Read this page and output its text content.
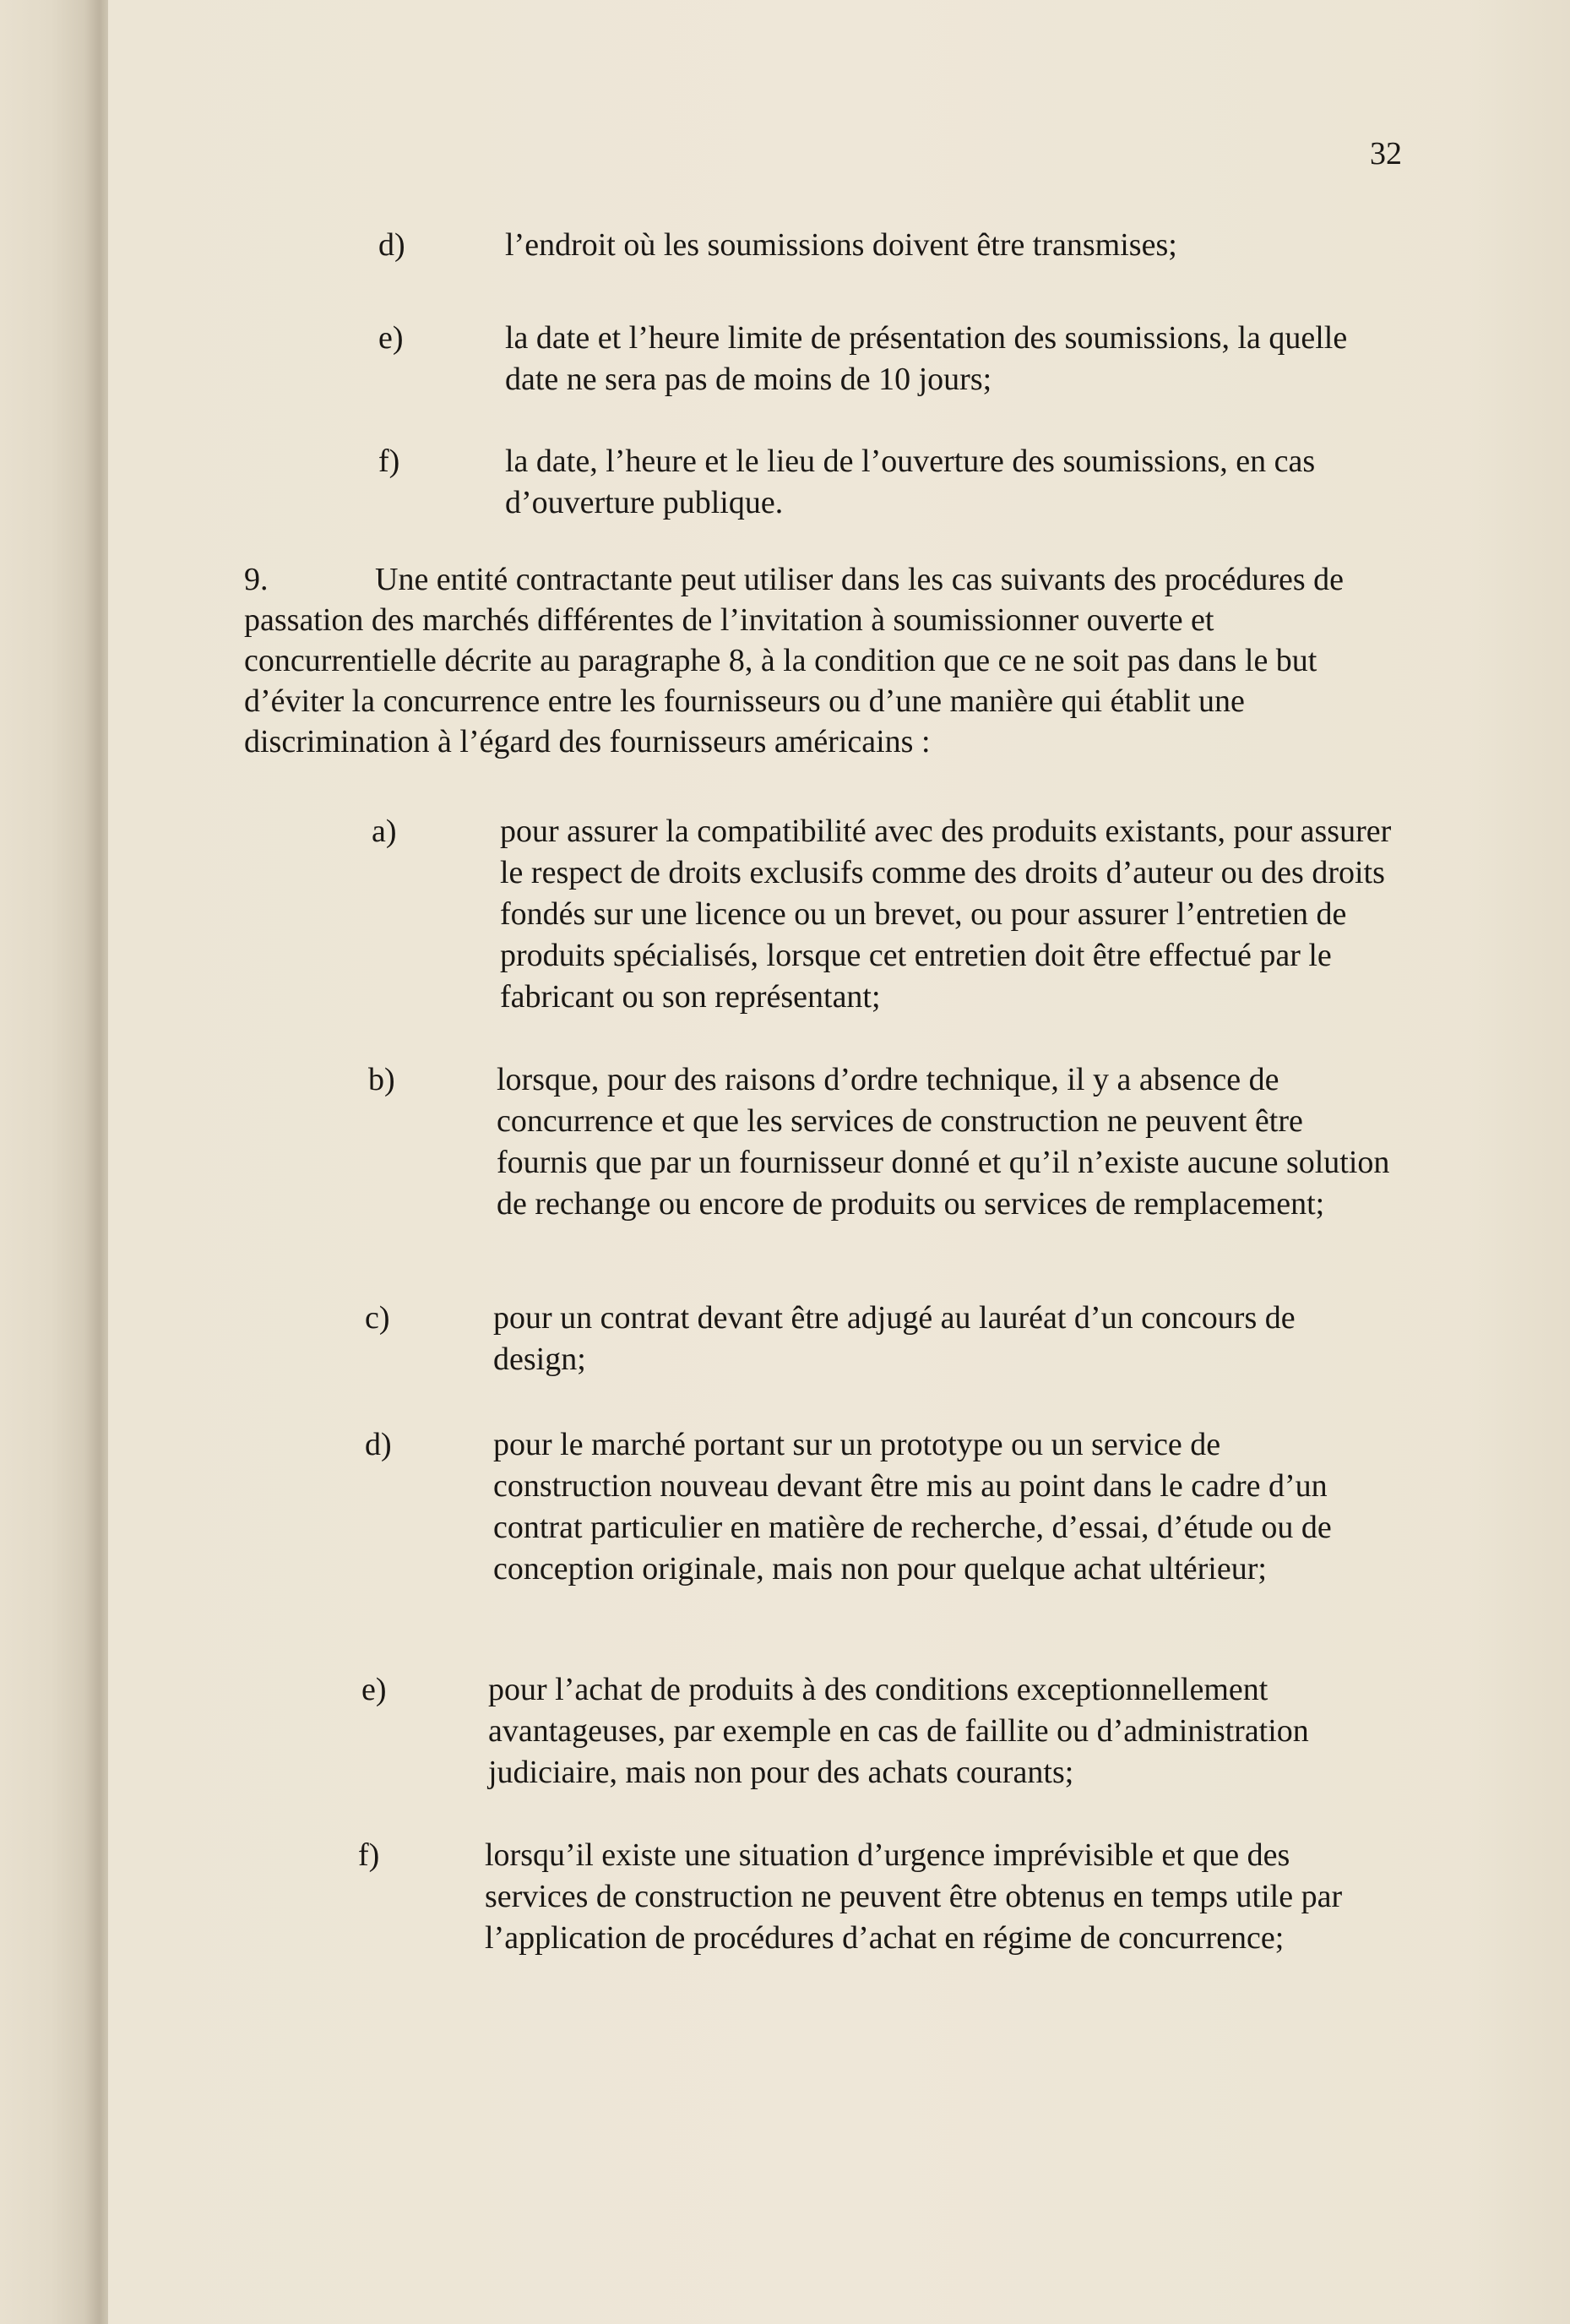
32
d)	l’endroit où les soumissions doivent être transmises;
e)	la date et l’heure limite de présentation des soumissions, la quelle date ne sera pas de moins de 10 jours;
f)	la date, l’heure et le lieu de l’ouverture des soumissions, en cas d’ouverture publique.
9.	Une entité contractante peut utiliser dans les cas suivants des procédures de passation des marchés différentes de l’invitation à soumissionner ouverte et concurrentielle décrite au paragraphe 8, à la condition que ce ne soit pas dans le but d’éviter la concurrence entre les fournisseurs ou d’une manière qui établit une discrimination à l’égard des fournisseurs américains :

a)	pour assurer la compatibilité avec des produits existants, pour assurer le respect de droits exclusifs comme des droits d’auteur ou des droits fondés sur une licence ou un brevet, ou pour assurer l’entretien de produits spécialisés, lorsque cet entretien doit être effectué par le fabricant ou son représentant;
b)	lorsque, pour des raisons d’ordre technique, il y a absence de concurrence et que les services de construction ne peuvent être fournis que par un fournisseur donné et qu’il n’existe aucune solution de rechange ou encore de produits ou services de remplacement;
c)	pour un contrat devant être adjugé au lauréat d’un concours de design;
d)	pour le marché portant sur un prototype ou un service de construction nouveau devant être mis au point dans le cadre d’un contrat particulier en matière de recherche, d’essai, d’étude ou de conception originale, mais non pour quelque achat ultérieur;
e)	pour l’achat de produits à des conditions exceptionnellement avantageuses, par exemple en cas de faillite ou d’administration judiciaire, mais non pour des achats courants;
f)	lorsqu’il existe une situation d’urgence imprévisible et que des services de construction ne peuvent être obtenus en temps utile par l’application de procédures d’achat en régime de concurrence;
